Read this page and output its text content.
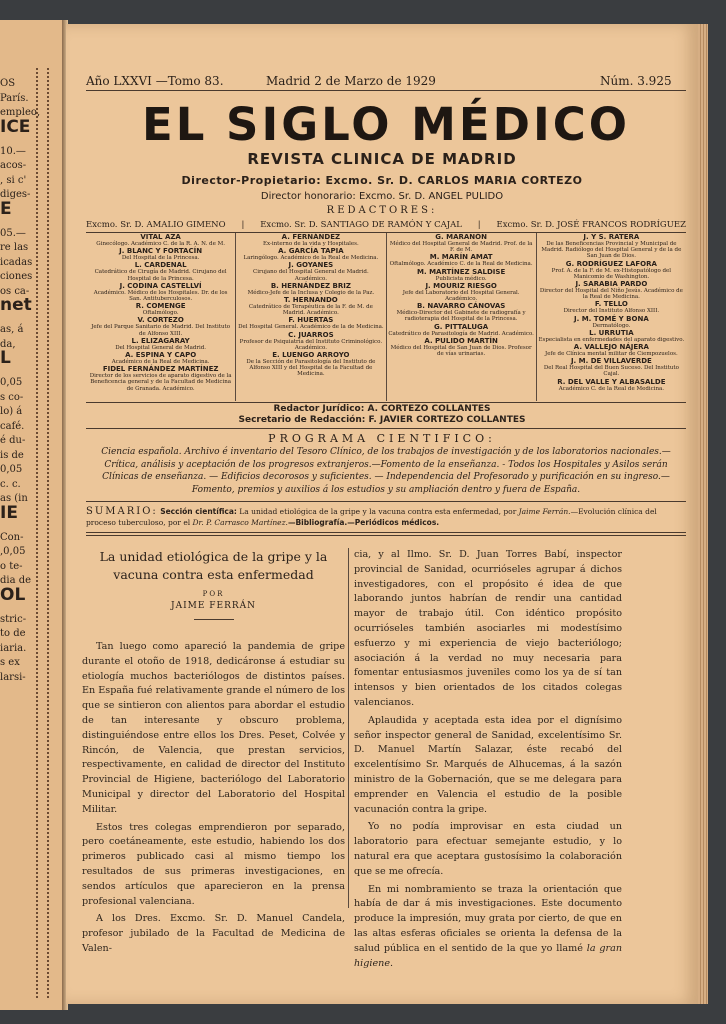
OS
París.
empleo,
ICE
10.—
acos-
, si c'
diges-
E
05.—
re las
icadas
ciones
os ca-
net
as, á
da,
L
0,05
s co-
lo) á
café.
é du-
is de
0,05
c. c.
as (in
IE
Con-
,0,05
o te-
dia de
OL
stric-
to de
iaria.
s ex
larsi-
Año LXXVI —Tomo 83.	Madrid 2 de Marzo de 1929	Núm. 3.925
EL SIGLO MÉDICO
REVISTA CLINICA DE MADRID
Director-Propietario: Excmo. Sr. D. CARLOS MARIA CORTEZO
Director honorario: Excmo. Sr. D. ANGEL PULIDO
REDACTORES:
Excmo. Sr. D. AMALIO GIMENO | Excmo. Sr. D. SANTIAGO DE RAMÓN Y CAJAL | Excmo. Sr. D. JOSÉ FRANCOS RODRÍGUEZ
VITAL AZA
Ginecólogo. Académico C. de la R. A. N. de M.
J. BLANC Y FORTACÍN
Del Hospital de la Princesa.
L. CARDENAL
Catedrático de Cirugía de Madrid. Cirujano del Hospital de la Princesa.
J. CODINA CASTELLVÍ
Académico. Médico de los Hospitales. Dr. de los San. Antituberculosos.
R. COMENGE
Oftalmólogo.
V. CORTEZO
Jefe del Parque Sanitario de Madrid. Del Instituto de Alfonso XIII.
L. ELIZAGARAY
Del Hospital General de Madrid.
A. ESPINA Y CAPO
Académico de la Real de Medicina.
FIDEL FERNÁNDEZ MARTÍNEZ
Director de los servicios de aparato digestivo de la Beneficencia general y de la Facultad de Medicina de Granada. Académico.
A. FERNÁNDEZ
Ex-interno de la vida y Hospitales.
A. GARCÍA TAPIA
Laringólogo. Académico de la Real de Medicina.
J. GOYANES
Cirujano del Hospital General de Madrid. Académico.
B. HERNÁNDEZ BRIZ
Médico-Jefe de la Inclusa y Colegio de la Paz.
T. HERNANDO
Catedrático de Terapéutica de la F. de M. de Madrid. Académico.
F. HUERTAS
Del Hospital General. Académico de la de Medicina.
C. JUARROS
Profesor de Psiquiatría del Instituto Criminológico. Académico.
E. LUENGO ARROYO
De la Sección de Parasitología del Instituto de Alfonso XIII y del Hospital de la Facultad de Medicina.
G. MARAÑÓN
Médico del Hospital General de Madrid. Prof. de la F. de M.
M. MARÍN AMAT
Oftalmólogo. Académico C. de la Real de Medicina.
M. MARTÍNEZ SALDISE
Publicista médico.
J. MOURIZ RIESGO
Jefe del Laboratorio del Hospital General. Académico.
B. NAVARRO CÁNOVAS
Médico-Director del Gabinete de radiografía y radioterapia del Hospital de la Princesa.
G. PITTALUGA
Catedrático de Parasitología de Madrid. Académico.
A. PULIDO MARTÍN
Médico del Hospital de San Juan de Dios. Profesor de vías urinarias.
J. Y S. RATERA
De las Beneficencias Provincial y Municipal de Madrid. Radiólogo del Hospital General y de la de San Juan de Dios.
G. RODRÍGUEZ LAFORA
Prof. A. de la F. de M. ex-Histopatólogo del Manicomio de Washington.
J. SARABIA PARDO
Director del Hospital del Niño Jesús. Académico de la Real de Medicina.
F. TELLO
Director del Instituto Alfonso XIII.
J. M. TOMÉ Y BONA
Dermatólogo.
L. URRUTIA
Especialista en enfermedades del aparato digestivo.
A. VALLEJO NÁJERA
Jefe de Clínica mental militar de Ciempozuelos.
J. M. DE VILLAVERDE
Del Real Hospital del Buen Suceso. Del Instituto Cajal.
R. DEL VALLE Y ALBASALDE
Académico C. de la Real de Medicina.
Redactor Jurídico: A. CORTEZO COLLANTES
Secretario de Redacción: F. JAVIER CORTEZO COLLANTES
PROGRAMA CIENTIFICO:
Ciencia española. Archivo é inventario del Tesoro Clínico, de los trabajos de investigación y de los laboratorios nacionales.—Crítica, análisis y aceptación de los progresos extranjeros.—Fomento de la enseñanza. - Todos los Hospitales y Asilos serán Clínicas de enseñanza. — Edificios decorosos y suficientes. — Independencia del Profesorado y purificación en su ingreso.—Fomento, premios y auxilios á los estudios y su ampliación dentro y fuera de España.
SUMARIO: Sección científica: La unidad etiológica de la gripe y la vacuna contra esta enfermedad, por Jaime Ferrán.—Evolución clínica del proceso tuberculoso, por el Dr. P. Carrasco Martínez.—Bibliografía.—Periódicos médicos.
La unidad etiológica de la gripe y la vacuna contra esta enfermedad
POR
JAIME FERRÁN

Tan luego como apareció la pandemia de gripe durante el otoño de 1918, dedicáronse á estudiar su etiología muchos bacteriólogos de distintos países. En España fué relativamente grande el número de los que se sintieron con alientos para abordar el estudio de tan interesante y obscuro problema, distinguiéndose entre ellos los Dres. Peset, Colvée y Rincón, de Valencia, que prestan servicios, respectivamente, en calidad de director del Instituto Provincial de Higiene, bacteriólogo del Laboratorio Municipal y director del Laboratorio del Hospital Militar.

Estos tres colegas emprendieron por separado, pero coetáneamente, este estudio, habiendo los dos primeros publicado casi al mismo tiempo los resultados de sus primeras investigaciones, en sendos artículos que aparecieron en la prensa profesional valenciana.

A los Dres. Excmo. Sr. D. Manuel Candela, profesor jubilado de la Facultad de Medicina de Valen-

cia, y al Ilmo. Sr. D. Juan Torres Babí, inspector provincial de Sanidad, ocurrióseles agrupar á dichos investigadores, con el propósito é idea de que laborando juntos habrían de rendir una cantidad mayor de trabajo útil. Con idéntico propósito ocurrióseles también asociarles mi modestísimo esfuerzo y mi experiencia de viejo bacteriólogo; asociación á la verdad no muy necesaria para fomentar entusiasmos juveniles como los ya de sí tan intensos y bien orientados de los citados colegas valencianos.

Aplaudida y aceptada esta idea por el dignísimo señor inspector general de Sanidad, excelentísimo Sr. D. Manuel Martín Salazar, éste recabó del excelentísimo Sr. Marqués de Alhucemas, á la sazón ministro de la Gobernación, que se me delegara para emprender en Valencia el estudio de la posible vacunación contra la gripe.

Yo no podía improvisar en esta ciudad un laboratorio para efectuar semejante estudio, y lo natural era que aceptara gustosísimo la colaboración que se me ofrecía.

En mi nombramiento se traza la orientación que había de dar á mis investigaciones. Este documento produce la impresión, muy grata por cierto, de que en las altas esferas oficiales se orienta la defensa de la salud pública en el sentido de la que yo llamé la gran higiene.
